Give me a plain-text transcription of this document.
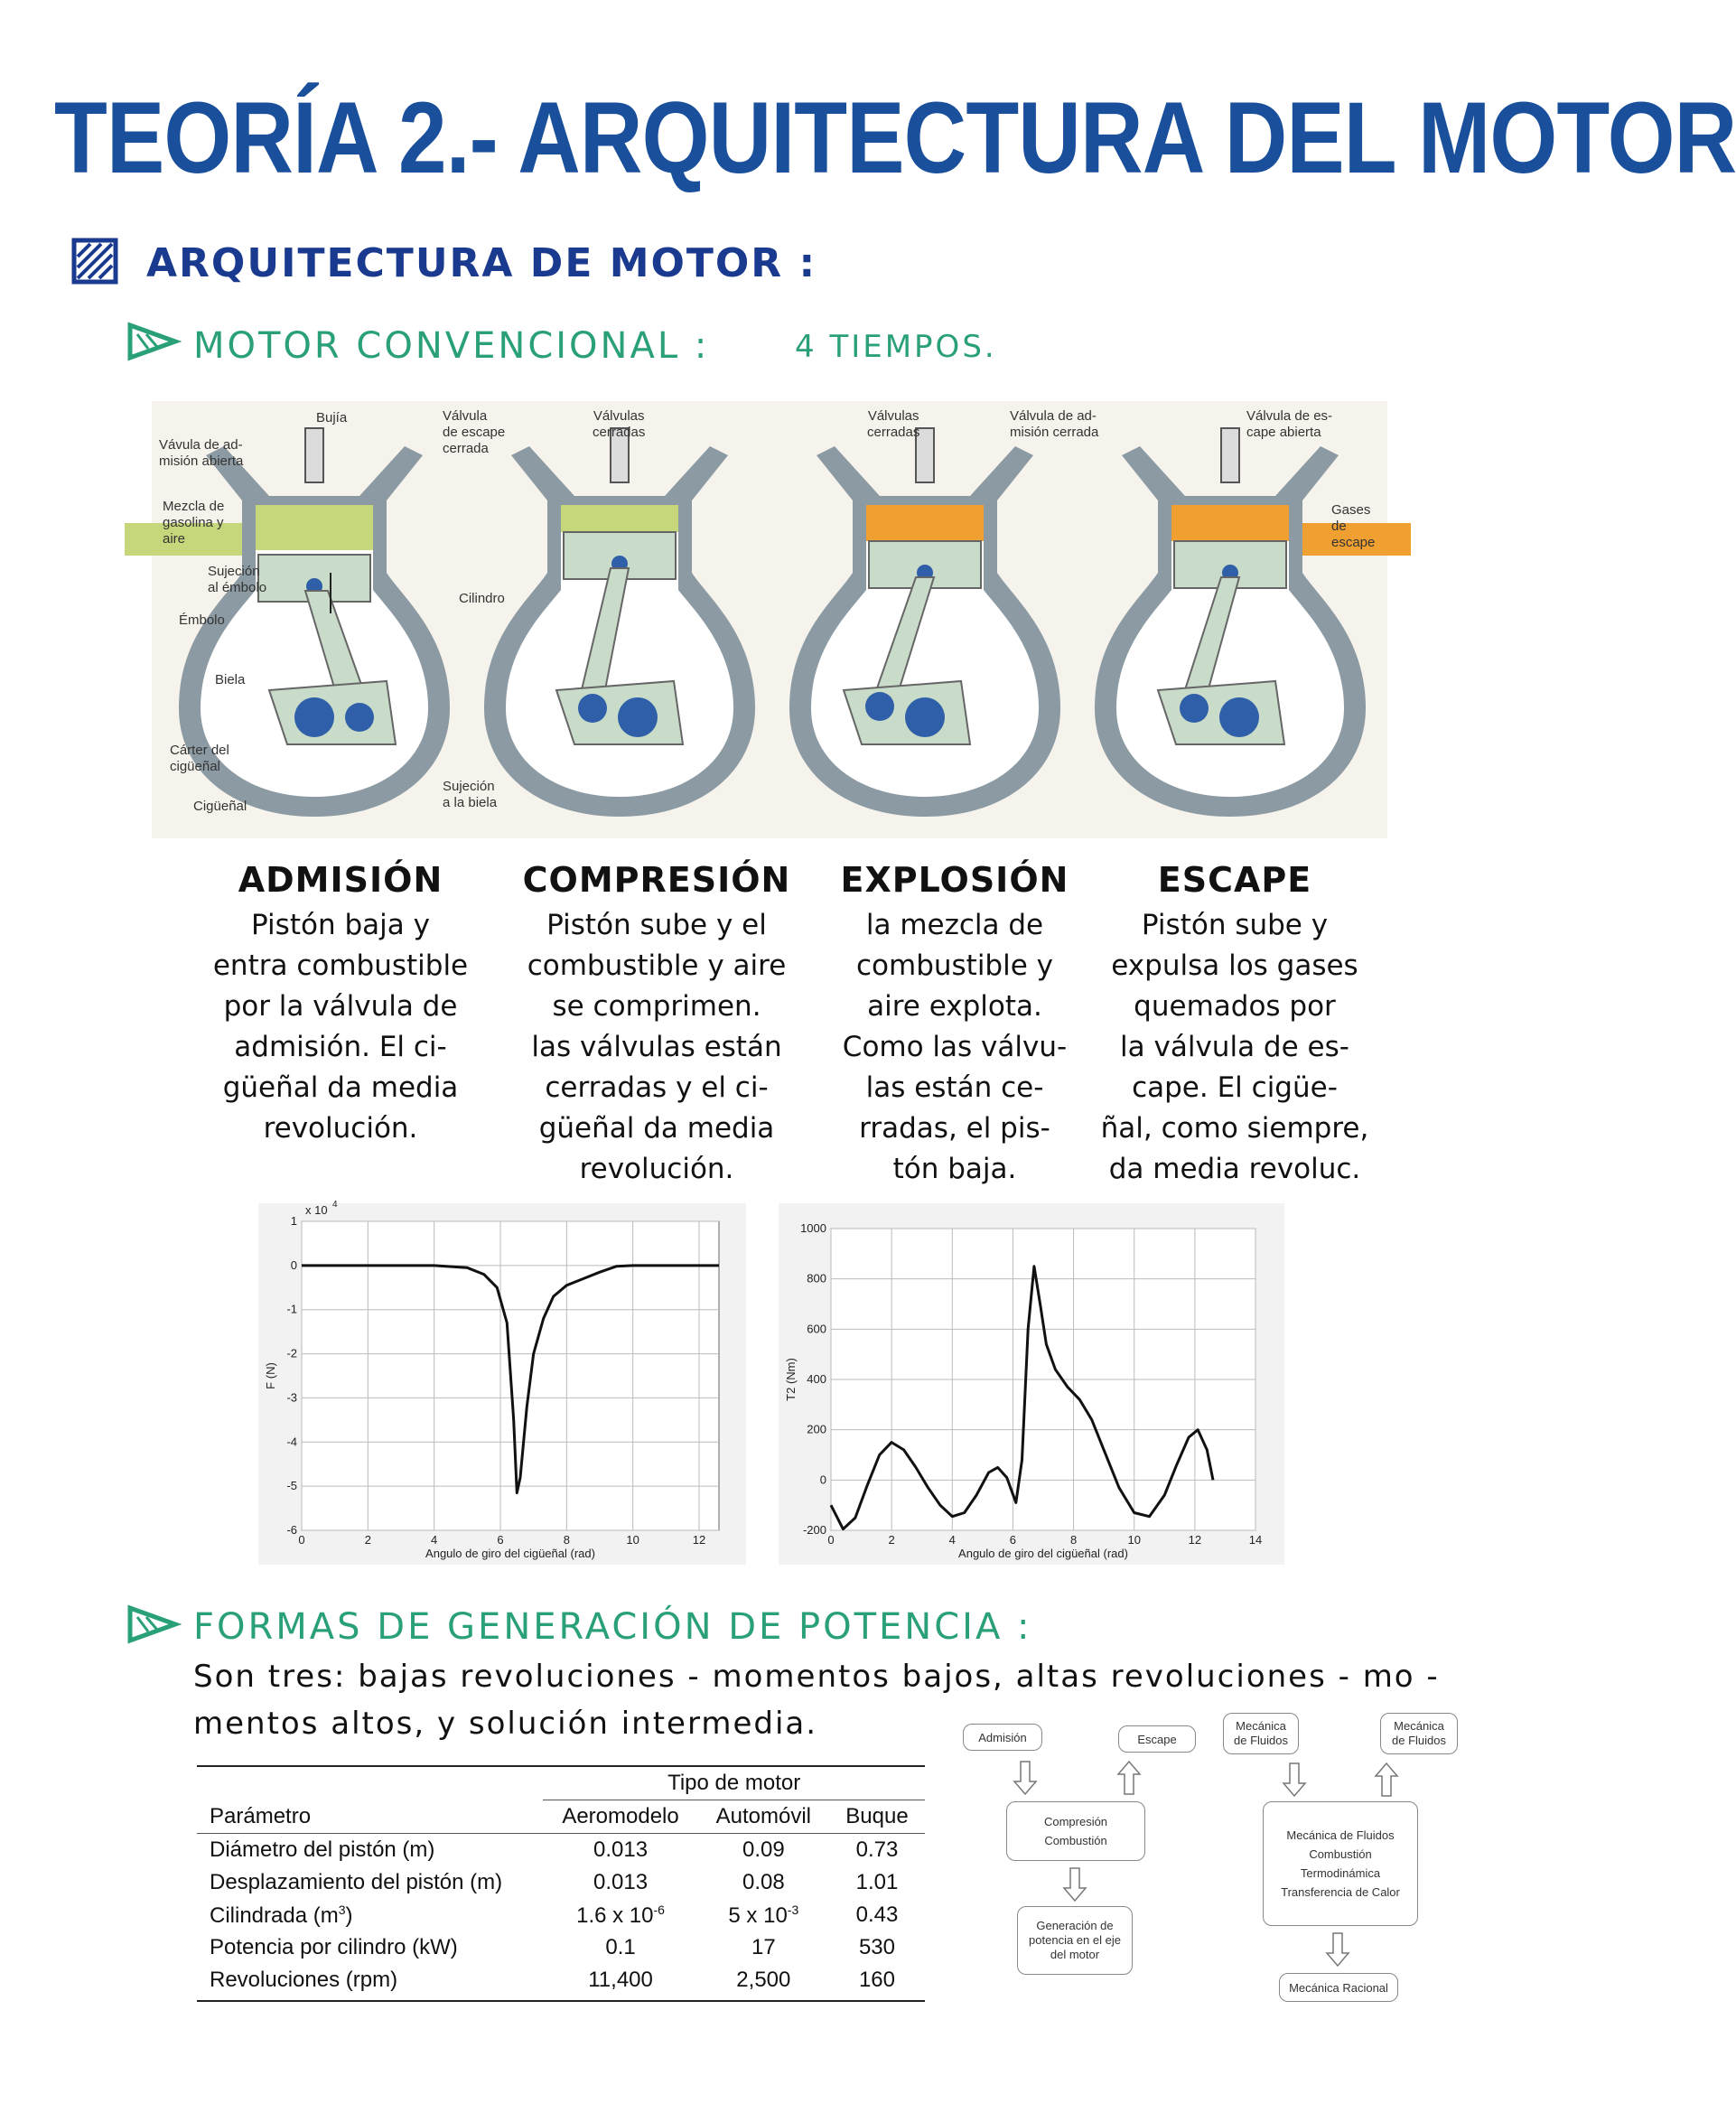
TEORÍA 2.- ARQUITECTURA DEL MOTOR
ARQUITECTURA DE MOTOR :
MOTOR CONVENCIONAL :	4 TIEMPOS.

Bujía

Vávula de ad-
misión abierta

Válvula
de escape
cerrada

Mezcla de
gasolina y
aire

Sujeción
al émbolo

Émbolo

Cilindro

Biela

Cárter del
cigüeñal

Cigüeñal

Sujeción
a la biela

Válvulas
cerradas

Válvulas
cerradas

Válvula de ad-
misión cerrada

Válvula de es-
cape abierta

Gases
de
escape

ADMISIÓN
Pistón baja y
entra combustible
por la válvula de
admisión. El ci-
güeñal da media
revolución.
COMPRESIÓN
Pistón sube y el
combustible y aire
se comprimen.
las válvulas están
cerradas y el ci-
güeñal da media
revolución.
EXPLOSIÓN
la mezcla de
combustible y
aire explota.
Como las válvu-
las están ce-
rradas, el pis-
tón baja.
ESCAPE
Pistón sube y
expulsa los gases
quemados por
la válvula de es-
cape. El cigüe-
ñal, como siempre,
da media revoluc.
0	2	4	6	8	10	12
1
0
-1
-2
-3
-4
-5
-6
Angulo de giro del cigüeñal (rad)
F (N)
x 10 4
0	2	4	6	8	10	12	14
1000
800
600
400
200
0
-200
Angulo de giro del cigüeñal (rad)
T2 (Nm)
FORMAS DE GENERACIÓN DE POTENCIA :
Son tres: bajas revoluciones - momentos bajos, altas revoluciones - mo -
mentos altos, y solución intermedia.
	Tipo de motor		
Parámetro	Aeromodelo	Automóvil	Buque
Diámetro del pistón (m)	0.013	0.09	0.73
Desplazamiento del pistón (m)	0.013	0.08	1.01
Cilindrada $(m^3)$	1.6 x $10^{-6}$	5 x $10^{-3}$	0.43
Potencia por cilindro (kW)	0.1	17	530
Revoluciones (rpm)	11,400	2,500	160
Admisión	Escape
Compresión
Combustión
Generación de potencia en el eje del motor
Mecánica de Fluidos
Mecánica de Fluidos
Mecánica de Fluidos
Combustión
Termodinámica
Transferencia de Calor
Mecánica Racional
